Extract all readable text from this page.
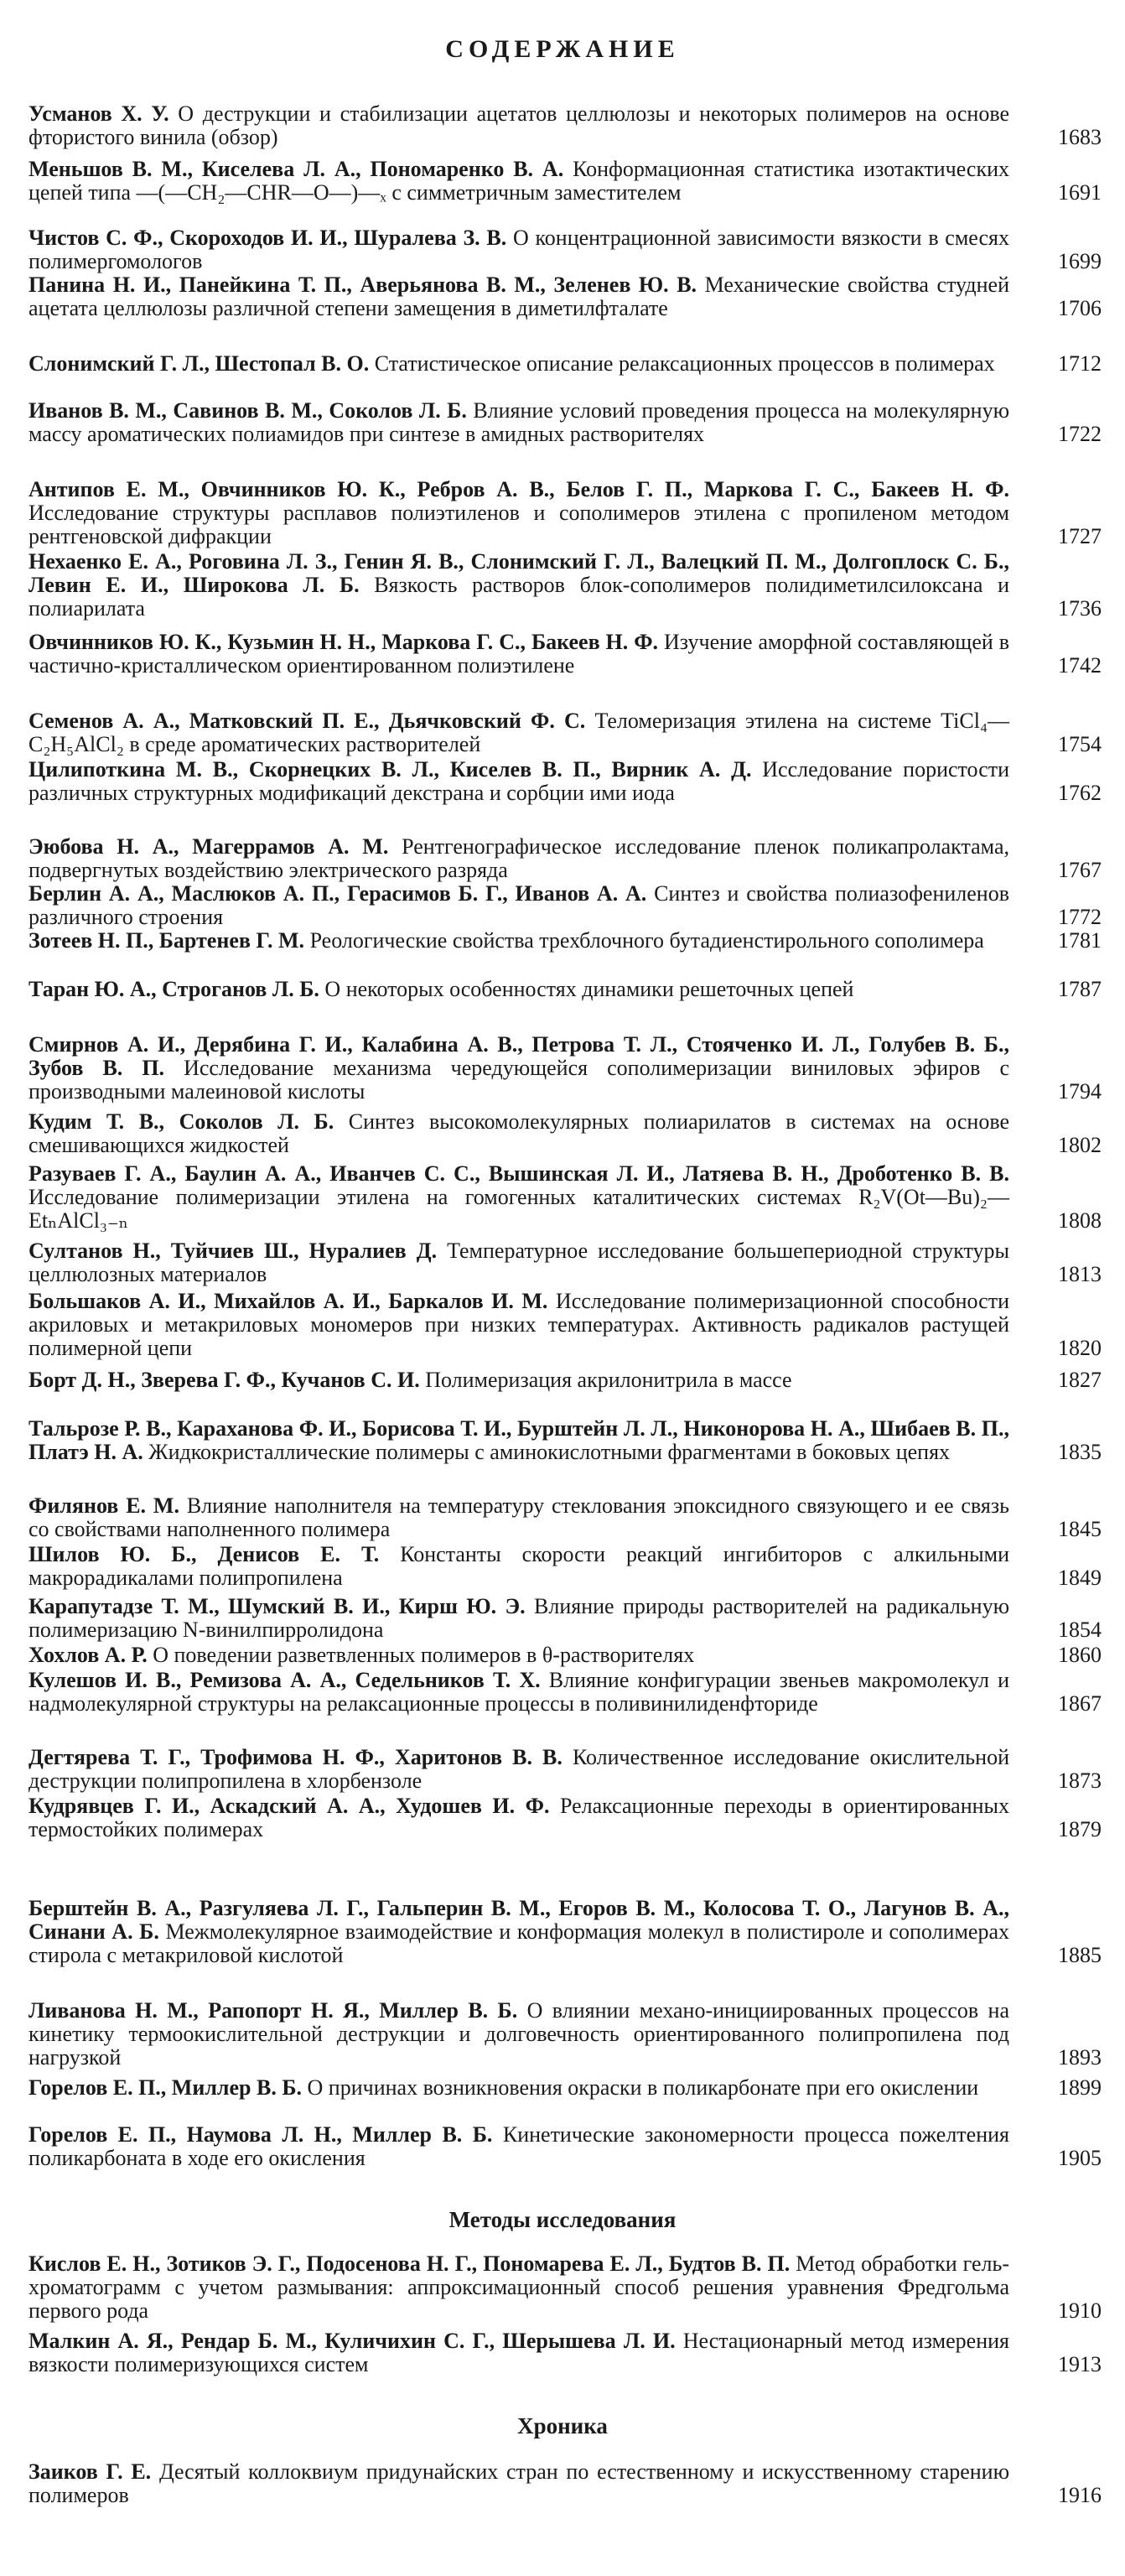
СОДЕРЖАНИЕ
Усманов Х. У. О деструкции и стабилизации ацетатов целлюлозы и некоторых полимеров на основе фтористого винила (обзор)	1683
Меньшов В. М., Киселева Л. А., Пономаренко В. А. Конформационная статистика изотактических цепей типа —(—CH₂—CHR—O—)—ₓ с симметричным заместителем	1691
Чистов С. Ф., Скороходов И. И., Шуралева З. В. О концентрационной зависимости вязкости в смесях полимергомологов	1699
Панина Н. И., Панейкина Т. П., Аверьянова В. М., Зеленев Ю. В. Механические свойства студней ацетата целлюлозы различной степени замещения в диметилфталате	1706
Слонимский Г. Л., Шестопал В. О. Статистическое описание релаксационных процессов в полимерах	1712
Иванов В. М., Савинов В. М., Соколов Л. Б. Влияние условий проведения процесса на молекулярную массу ароматических полиамидов при синтезе в амидных растворителях	1722
Антипов Е. М., Овчинников Ю. К., Ребров А. В., Белов Г. П., Маркова Г. С., Бакеев Н. Ф. Исследование структуры расплавов полиэтиленов и сополимеров этилена с пропиленом методом рентгеновской дифракции	1727
Нехаенко Е. А., Роговина Л. З., Генин Я. В., Слонимский Г. Л., Валецкий П. М., Долгоплоск С. Б., Левин Е. И., Широкова Л. Б. Вязкость растворов блок-сополимеров полидиметилсилоксана и полиарилата	1736
Овчинников Ю. К., Кузьмин Н. Н., Маркова Г. С., Бакеев Н. Ф. Изучение аморфной составляющей в частично-кристаллическом ориентированном полиэтилене	1742
Семенов А. А., Матковский П. Е., Дьячковский Ф. С. Теломеризация этилена на системе TiCl₄—C₂H₅AlCl₂ в среде ароматических растворителей	1754
Цилипоткина М. В., Скорнецких В. Л., Киселев В. П., Вирник А. Д. Исследование пористости различных структурных модификаций декстрана и сорбции ими иода	1762
Эюбова Н. А., Магеррамов А. М. Рентгенографическое исследование пленок поликапролактама, подвергнутых воздействию электрического разряда	1767
Берлин А. А., Маслюков А. П., Герасимов Б. Г., Иванов А. А. Синтез и свойства полиазофениленов различного строения	1772
Зотеев Н. П., Бартенев Г. М. Реологические свойства трехблочного бутадиенстирольного сополимера	1781
Таран Ю. А., Строганов Л. Б. О некоторых особенностях динамики решеточных цепей	1787
Смирнов А. И., Дерябина Г. И., Калабина А. В., Петрова Т. Л., Стояченко И. Л., Голубев В. Б., Зубов В. П. Исследование механизма чередующейся сополимеризации виниловых эфиров с производными малеиновой кислоты	1794
Кудим Т. В., Соколов Л. Б. Синтез высокомолекулярных полиарилатов в системах на основе смешивающихся жидкостей	1802
Разуваев Г. А., Баулин А. А., Иванчев С. С., Вышинская Л. И., Латяева В. Н., Дроботенко В. В. Исследование полимеризации этилена на гомогенных каталитических системах R₂V(Ot—Bu)₂—EtₙAlCl₃₋ₙ	1808
Султанов Н., Туйчиев Ш., Нуралиев Д. Температурное исследование большепериодной структуры целлюлозных материалов	1813
Большаков А. И., Михайлов А. И., Баркалов И. М. Исследование полимеризационной способности акриловых и метакриловых мономеров при низких температурах. Активность радикалов растущей полимерной цепи	1820
Борт Д. Н., Зверева Г. Ф., Кучанов С. И. Полимеризация акрилонитрила в массе	1827
Тальрозе Р. В., Караханова Ф. И., Борисова Т. И., Бурштейн Л. Л., Никонорова Н. А., Шибаев В. П., Платэ Н. А. Жидкокристаллические полимеры с аминокислотными фрагментами в боковых цепях	1835
Филянов Е. М. Влияние наполнителя на температуру стеклования эпоксидного связующего и ее связь со свойствами наполненного полимера	1845
Шилов Ю. Б., Денисов Е. Т. Константы скорости реакций ингибиторов с алкильными макрорадикалами полипропилена	1849
Карапутадзе Т. М., Шумский В. И., Кирш Ю. Э. Влияние природы растворителей на радикальную полимеризацию N-винилпирролидона	1854
Хохлов А. Р. О поведении разветвленных полимеров в θ-растворителях	1860
Кулешов И. В., Ремизова А. А., Седельников Т. Х. Влияние конфигурации звеньев макромолекул и надмолекулярной структуры на релаксационные процессы в поливинилиденфториде	1867
Дегтярева Т. Г., Трофимова Н. Ф., Харитонов В. В. Количественное исследование окислительной деструкции полипропилена в хлорбензоле	1873
Кудрявцев Г. И., Аскадский А. А., Худошев И. Ф. Релаксационные переходы в ориентированных термостойких полимерах	1879
Берштейн В. А., Разгуляева Л. Г., Гальперин В. М., Егоров В. М., Колосова Т. О., Лагунов В. А., Синани А. Б. Межмолекулярное взаимодействие и конформация молекул в полистироле и сополимерах стирола с метакриловой кислотой	1885
Ливанова Н. М., Рапопорт Н. Я., Миллер В. Б. О влиянии механо-инициированных процессов на кинетику термоокислительной деструкции и долговечность ориентированного полипропилена под нагрузкой	1893
Горелов Е. П., Миллер В. Б. О причинах возникновения окраски в поликарбонате при его окислении	1899
Горелов Е. П., Наумова Л. Н., Миллер В. Б. Кинетические закономерности процесса пожелтения поликарбоната в ходе его окисления	1905
Методы исследования
Кислов Е. Н., Зотиков Э. Г., Подосенова Н. Г., Пономарева Е. Л., Будтов В. П. Метод обработки гель-хроматограмм с учетом размывания: аппроксимационный способ решения уравнения Фредгольма первого рода	1910
Малкин А. Я., Рендар Б. М., Куличихин С. Г., Шерышева Л. И. Нестационарный метод измерения вязкости полимеризующихся систем	1913
Хроника
Заиков Г. Е. Десятый коллоквиум придунайских стран по естественному и искусственному старению полимеров	1916
